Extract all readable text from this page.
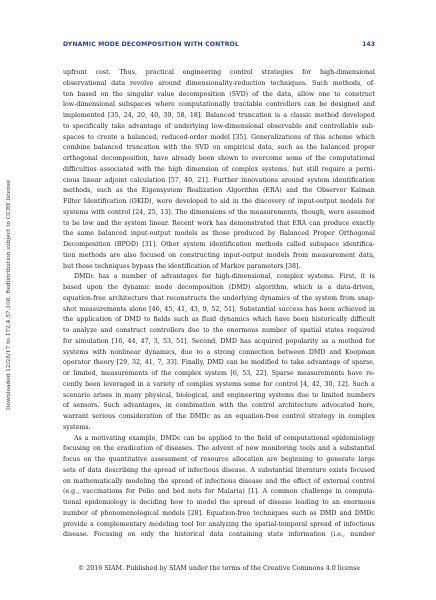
Downloaded 12/28/17 to 172.4.57.108. Redistribution subject to CCBY license
DYNAMIC MODE DECOMPOSITION WITH CONTROL	143
upfront cost. Thus, practical engineering control strategies for high-dimensional
observational data revolve around dimensionality-reduction techniques. Such methods, of-
ten based on the singular value decomposition (SVD) of the data, allow one to construct
low-dimensional subspaces where computationally tractable controllers can be designed and
implemented [35, 24, 20, 40, 39, 58, 18]. Balanced truncation is a classic method developed
to specifically take advantage of underlying low-dimensional observable and controllable sub-
spaces to create a balanced, reduced-order model [35]. Generalizations of this scheme which
combine balanced truncation with the SVD on empirical data, such as the balanced proper
orthogonal decomposition, have already been shown to overcome some of the computational
difficulties associated with the high dimension of complex systems, but still require a perni-
cious linear adjoint calculation [57, 40, 21]. Further innovations around system identification
methods, such as the Eigensystem Realization Algorithm (ERA) and the Observer Kalman
Filter Identification (OKID), were developed to aid in the discovery of input-output models for
systems with control [24, 25, 13]. The dimensions of the measurements, though, were assumed
to be low and the system linear. Recent work has demonstrated that ERA can produce exactly
the same balanced input-output models as those produced by Balanced Proper Orthogonal
Decomposition (BPOD) [31]. Other system identification methods called subspace identifica-
tion methods are also focused on constructing input-output models from measurement data,
but these techniques bypass the identification of Markov parameters [38].
DMDc has a number of advantages for high-dimensional, complex systems. First, it is
based upon the dynamic mode decomposition (DMD) algorithm, which is a data-driven,
equation-free architecture that reconstructs the underlying dynamics of the system from snap-
shot measurements alone [46, 45, 41, 43, 9, 52, 51]. Substantial success has been achieved in
the application of DMD to fields such as fluid dynamics which have been historically difficult
to analyze and construct controllers due to the enormous number of spatial states required
for simulation [16, 44, 47, 3, 53, 51]. Second, DMD has acquired popularity as a method for
systems with nonlinear dynamics, due to a strong connection between DMD and Koopman
operator theory [29, 32, 41, 7, 33]. Finally, DMD can be modified to take advantage of sparse,
or limited, measurements of the complex system [6, 53, 22]. Sparse measurements have re-
cently been leveraged in a variety of complex systems some for control [4, 42, 30, 12]. Such a
scenario arises in many physical, biological, and engineering systems due to limited numbers
of sensors. Such advantages, in combination with the control architecture advocated here,
warrant serious consideration of the DMDc as an equation-free control strategy in complex
systems.
As a motivating example, DMDc can be applied to the field of computational epidemiology
focusing on the eradication of diseases. The advent of new monitoring tools and a substantial
focus on the quantitative assessment of resource allocation are beginning to generate large
sets of data describing the spread of infectious disease. A substantial literature exists focused
on mathematically modeling the spread of infectious disease and the effect of external control
(e.g., vaccinations for Polio and bed nets for Malaria) [1]. A common challenge in computa-
tional epidemiology is deciding how to model the spread of disease leading to an enormous
number of phenomenological models [28]. Equation-free techniques such as DMD and DMDc
provide a complementary modeling tool for analyzing the spatial-temporal spread of infectious
disease. Focusing on only the historical data containing state information (i.e., number
© 2016 SIAM. Published by SIAM under the terms of the Creative Commons 4.0 license
